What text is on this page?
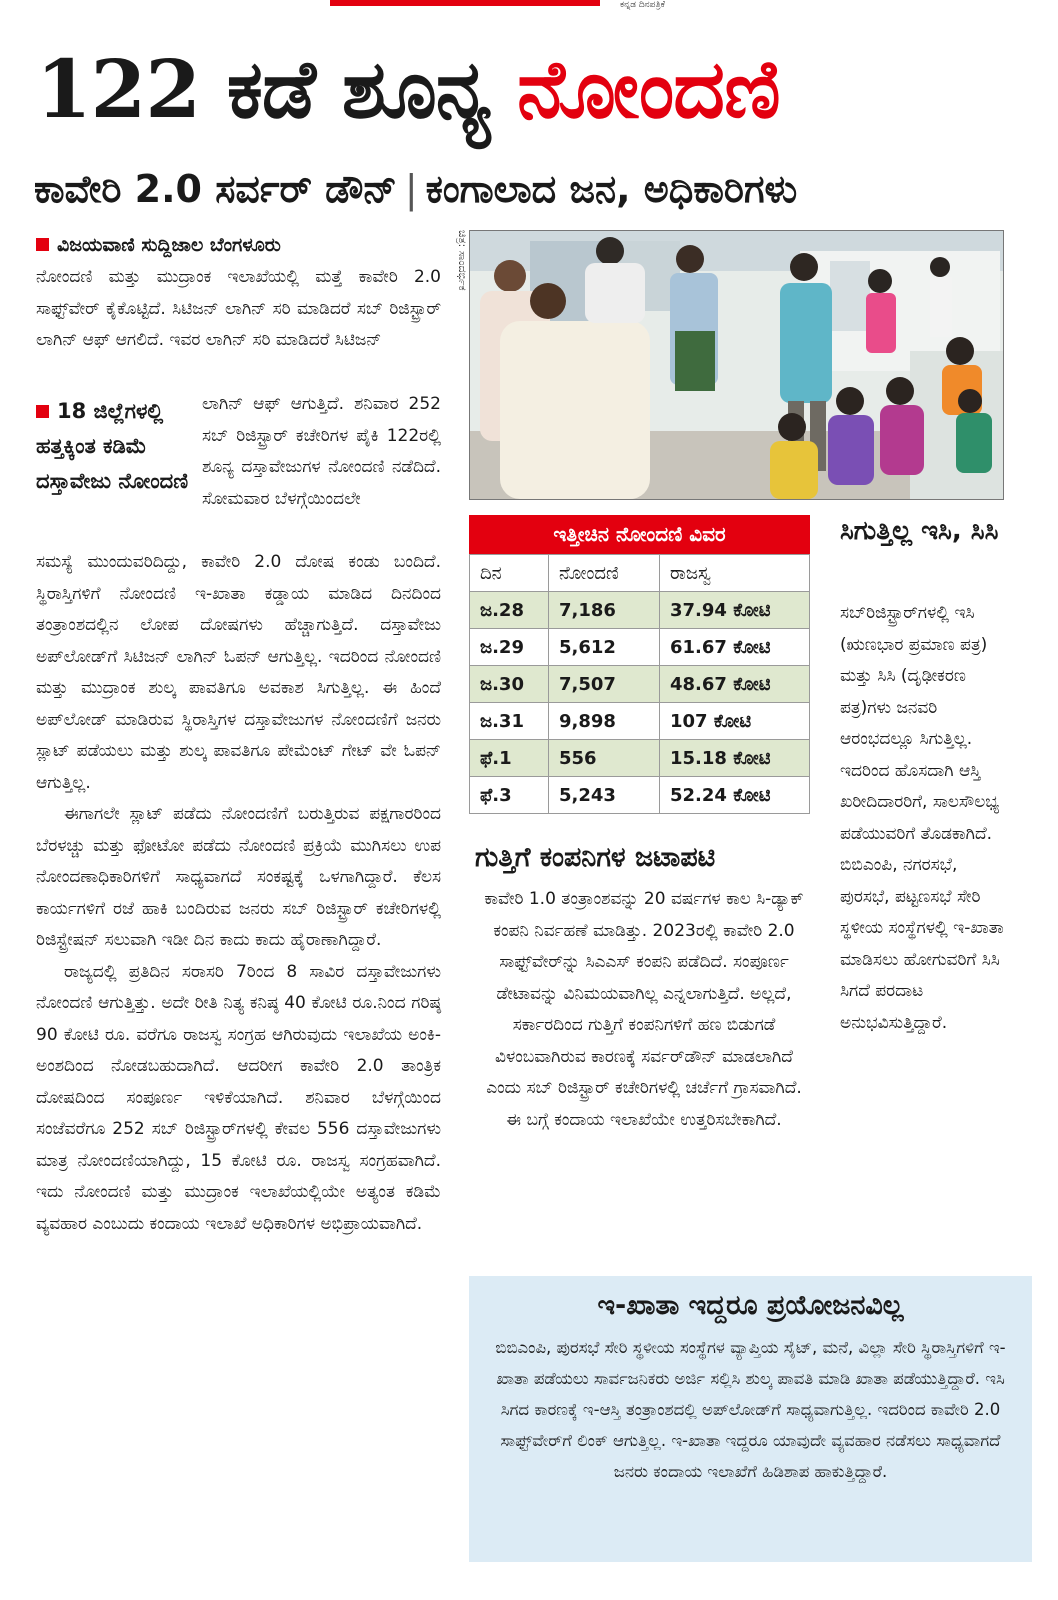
ಕನ್ನಡ ದಿನಪತ್ರಿಕೆ
122 ಕಡೆ ಶೂನ್ಯ ನೋಂದಣಿ
ಕಾವೇರಿ 2.0 ಸರ್ವರ್ ಡೌನ್ | ಕಂಗಾಲಾದ ಜನ, ಅಧಿಕಾರಿಗಳು
ವಿಜಯವಾಣಿ ಸುದ್ದಿಜಾಲ ಬೆಂಗಳೂರು

ನೋಂದಣಿ ಮತ್ತು ಮುದ್ರಾಂಕ ಇಲಾಖೆಯಲ್ಲಿ ಮತ್ತೆ ಕಾವೇರಿ 2.0 ಸಾಫ್ಟ್‌ವೇರ್ ಕೈಕೊಟ್ಟಿದೆ. ಸಿಟಿಜನ್ ಲಾಗಿನ್ ಸರಿ ಮಾಡಿದರೆ ಸಬ್ ರಿಜಿಸ್ಟ್ರಾರ್ ಲಾಗಿನ್ ಆಫ್ ಆಗಲಿದೆ. ಇವರ ಲಾಗಿನ್ ಸರಿ ಮಾಡಿದರೆ ಸಿಟಿಜನ್

18 ಜಿಲ್ಲೆಗಳಲ್ಲಿ ಹತ್ತಕ್ಕಿಂತ ಕಡಿಮೆ ದಸ್ತಾವೇಜು ನೋಂದಣಿ

ಲಾಗಿನ್ ಆಫ್ ಆಗುತ್ತಿದೆ. ಶನಿವಾರ 252 ಸಬ್ ರಿಜಿಸ್ಟ್ರಾರ್ ಕಚೇರಿಗಳ ಪೈಕಿ 122ರಲ್ಲಿ ಶೂನ್ಯ ದಸ್ತಾವೇಜುಗಳ ನೋಂದಣಿ ನಡೆದಿದೆ. ಸೋಮವಾರ ಬೆಳಗ್ಗೆಯಿಂದಲೇ

ಸಮಸ್ಯೆ ಮುಂದುವರಿದಿದ್ದು, ಕಾವೇರಿ 2.0 ದೋಷ ಕಂಡು ಬಂದಿದೆ. ಸ್ಥಿರಾಸ್ತಿಗಳಿಗೆ ನೋಂದಣಿ ಇ-ಖಾತಾ ಕಡ್ಡಾಯ ಮಾಡಿದ ದಿನದಿಂದ ತಂತ್ರಾಂಶದಲ್ಲಿನ ಲೋಪ ದೋಷಗಳು ಹೆಚ್ಚಾಗುತ್ತಿದೆ. ದಸ್ತಾವೇಜು ಅಪ್‌ಲೋಡ್‌ಗೆ ಸಿಟಿಜನ್ ಲಾಗಿನ್ ಓಪನ್ ಆಗುತ್ತಿಲ್ಲ. ಇದರಿಂದ ನೋಂದಣಿ ಮತ್ತು ಮುದ್ರಾಂಕ ಶುಲ್ಕ ಪಾವತಿಗೂ ಅವಕಾಶ ಸಿಗುತ್ತಿಲ್ಲ. ಈ ಹಿಂದೆ ಅಪ್‌ಲೋಡ್ ಮಾಡಿರುವ ಸ್ಥಿರಾಸ್ತಿಗಳ ದಸ್ತಾವೇಜುಗಳ ನೋಂದಣಿಗೆ ಜನರು ಸ್ಲಾಟ್ ಪಡೆಯಲು ಮತ್ತು ಶುಲ್ಕ ಪಾವತಿಗೂ ಪೇಮೆಂಟ್ ಗೇಟ್ ವೇ ಓಪನ್ ಆಗುತ್ತಿಲ್ಲ.

ಈಗಾಗಲೇ ಸ್ಲಾಟ್ ಪಡೆದು ನೋಂದಣಿಗೆ ಬರುತ್ತಿರುವ ಪಕ್ಷಗಾರರಿಂದ ಬೆರಳಚ್ಚು ಮತ್ತು ಫೋಟೋ ಪಡೆದು ನೋಂದಣಿ ಪ್ರಕ್ರಿಯೆ ಮುಗಿಸಲು ಉಪ ನೋಂದಣಾಧಿಕಾರಿಗಳಿಗೆ ಸಾಧ್ಯವಾಗದೆ ಸಂಕಷ್ಟಕ್ಕೆ ಒಳಗಾಗಿದ್ದಾರೆ. ಕೆಲಸ ಕಾರ್ಯಗಳಿಗೆ ರಜೆ ಹಾಕಿ ಬಂದಿರುವ ಜನರು ಸಬ್ ರಿಜಿಸ್ಟ್ರಾರ್ ಕಚೇರಿಗಳಲ್ಲಿ ರಿಜಿಸ್ಟ್ರೇಷನ್ ಸಲುವಾಗಿ ಇಡೀ ದಿನ ಕಾದು ಕಾದು ಹೈರಾಣಾಗಿದ್ದಾರೆ.

ರಾಜ್ಯದಲ್ಲಿ ಪ್ರತಿದಿನ ಸರಾಸರಿ 7ರಿಂದ 8 ಸಾವಿರ ದಸ್ತಾವೇಜುಗಳು ನೋಂದಣಿ ಆಗುತ್ತಿತ್ತು. ಅದೇ ರೀತಿ ನಿತ್ಯ ಕನಿಷ್ಠ 40 ಕೋಟಿ ರೂ.ನಿಂದ ಗರಿಷ್ಠ 90 ಕೋಟಿ ರೂ. ವರೆಗೂ ರಾಜಸ್ವ ಸಂಗ್ರಹ ಆಗಿರುವುದು ಇಲಾಖೆಯ ಅಂಕಿ-ಅಂಶದಿಂದ ನೋಡಬಹುದಾಗಿದೆ. ಆದರೀಗ ಕಾವೇರಿ 2.0 ತಾಂತ್ರಿಕ ದೋಷದಿಂದ ಸಂಪೂರ್ಣ ಇಳಿಕೆಯಾಗಿದೆ. ಶನಿವಾರ ಬೆಳಗ್ಗೆಯಿಂದ ಸಂಜೆವರೆಗೂ 252 ಸಬ್ ರಿಜಿಸ್ಟ್ರಾರ್‌ಗಳಲ್ಲಿ ಕೇವಲ 556 ದಸ್ತಾವೇಜುಗಳು ಮಾತ್ರ ನೋಂದಣಿಯಾಗಿದ್ದು, 15 ಕೋಟಿ ರೂ. ರಾಜಸ್ವ ಸಂಗ್ರಹವಾಗಿದೆ. ಇದು ನೋಂದಣಿ ಮತ್ತು ಮುದ್ರಾಂಕ ಇಲಾಖೆಯಲ್ಲಿಯೇ ಅತ್ಯಂತ ಕಡಿಮೆ ವ್ಯವಹಾರ ಎಂಬುದು ಕಂದಾಯ ಇಲಾಖೆ ಅಧಿಕಾರಿಗಳ ಅಭಿಪ್ರಾಯವಾಗಿದೆ.

ಚಿತ್ರ: ಸಾಂದರ್ಭಿಕ
ಇತ್ತೀಚಿನ ನೋಂದಣಿ ವಿವರ
ದಿನ	ನೋಂದಣಿ	ರಾಜಸ್ವ
ಜ.28	7,186	37.94 ಕೋಟಿ
ಜ.29	5,612	61.67 ಕೋಟಿ
ಜ.30	7,507	48.67 ಕೋಟಿ
ಜ.31	9,898	107 ಕೋಟಿ
ಫೆ.1	556	15.18 ಕೋಟಿ
ಫೆ.3	5,243	52.24 ಕೋಟಿ
ಗುತ್ತಿಗೆ ಕಂಪನಿಗಳ ಜಟಾಪಟಿ
ಕಾವೇರಿ 1.0 ತಂತ್ರಾಂಶವನ್ನು 20 ವರ್ಷಗಳ ಕಾಲ ಸಿ-ಡ್ಯಾಕ್ ಕಂಪನಿ ನಿರ್ವಹಣೆ ಮಾಡಿತ್ತು. 2023ರಲ್ಲಿ ಕಾವೇರಿ 2.0 ಸಾಫ್ಟ್‌ವೇರ್‌ನ್ನು ಸಿಎಎಸ್ ಕಂಪನಿ ಪಡೆದಿದೆ. ಸಂಪೂರ್ಣ ಡೇಟಾವನ್ನು ವಿನಿಮಯವಾಗಿಲ್ಲ ಎನ್ನಲಾಗುತ್ತಿದೆ. ಅಲ್ಲದೆ, ಸರ್ಕಾರದಿಂದ ಗುತ್ತಿಗೆ ಕಂಪನಿಗಳಿಗೆ ಹಣ ಬಿಡುಗಡೆ ವಿಳಂಬವಾಗಿರುವ ಕಾರಣಕ್ಕೆ ಸರ್ವರ್‌ಡೌನ್ ಮಾಡಲಾಗಿದೆ ಎಂದು ಸಬ್ ರಿಜಿಸ್ಟ್ರಾರ್ ಕಚೇರಿಗಳಲ್ಲಿ ಚರ್ಚೆಗೆ ಗ್ರಾಸವಾಗಿದೆ. ಈ ಬಗ್ಗೆ ಕಂದಾಯ ಇಲಾಖೆಯೇ ಉತ್ತರಿಸಬೇಕಾಗಿದೆ.
ಸಿಗುತ್ತಿಲ್ಲ ಇಸಿ, ಸಿಸಿ
ಸಬ್‌ರಿಜಿಸ್ಟ್ರಾರ್‌ಗಳಲ್ಲಿ ಇಸಿ (ಋಣಭಾರ ಪ್ರಮಾಣ ಪತ್ರ) ಮತ್ತು ಸಿಸಿ (ದೃಢೀಕರಣ ಪತ್ರ)ಗಳು ಜನವರಿ ಆರಂಭದಲ್ಲೂ ಸಿಗುತ್ತಿಲ್ಲ. ಇದರಿಂದ ಹೊಸದಾಗಿ ಆಸ್ತಿ ಖರೀದಿದಾರರಿಗೆ, ಸಾಲಸೌಲಭ್ಯ ಪಡೆಯುವರಿಗೆ ತೊಡಕಾಗಿದೆ. ಬಿಬಿಎಂಪಿ, ನಗರಸಭೆ, ಪುರಸಭೆ, ಪಟ್ಟಣಸಭೆ ಸೇರಿ ಸ್ಥಳೀಯ ಸಂಸ್ಥೆಗಳಲ್ಲಿ ಇ-ಖಾತಾ ಮಾಡಿಸಲು ಹೋಗುವರಿಗೆ ಸಿಸಿ ಸಿಗದೆ ಪರದಾಟ ಅನುಭವಿಸುತ್ತಿದ್ದಾರೆ.
ಇ-ಖಾತಾ ಇದ್ದರೂ ಪ್ರಯೋಜನವಿಲ್ಲ
ಬಿಬಿಎಂಪಿ, ಪುರಸಭೆ ಸೇರಿ ಸ್ಥಳೀಯ ಸಂಸ್ಥೆಗಳ ವ್ಯಾಪ್ತಿಯ ಸೈಟ್, ಮನೆ, ವಿಲ್ಲಾ ಸೇರಿ ಸ್ಥಿರಾಸ್ತಿಗಳಿಗೆ ಇ-ಖಾತಾ ಪಡೆಯಲು ಸಾರ್ವಜನಿಕರು ಅರ್ಜಿ ಸಲ್ಲಿಸಿ ಶುಲ್ಕ ಪಾವತಿ ಮಾಡಿ ಖಾತಾ ಪಡೆಯುತ್ತಿದ್ದಾರೆ. ಇಸಿ ಸಿಗದ ಕಾರಣಕ್ಕೆ ಇ-ಆಸ್ತಿ ತಂತ್ರಾಂಶದಲ್ಲಿ ಅಪ್‌ಲೋಡ್‌ಗೆ ಸಾಧ್ಯವಾಗುತ್ತಿಲ್ಲ. ಇದರಿಂದ ಕಾವೇರಿ 2.0 ಸಾಫ್ಟ್‌ವೇರ್‌ಗೆ ಲಿಂಕ್ ಆಗುತ್ತಿಲ್ಲ. ಇ-ಖಾತಾ ಇದ್ದರೂ ಯಾವುದೇ ವ್ಯವಹಾರ ನಡೆಸಲು ಸಾಧ್ಯವಾಗದೆ ಜನರು ಕಂದಾಯ ಇಲಾಖೆಗೆ ಹಿಡಿಶಾಪ ಹಾಕುತ್ತಿದ್ದಾರೆ.
